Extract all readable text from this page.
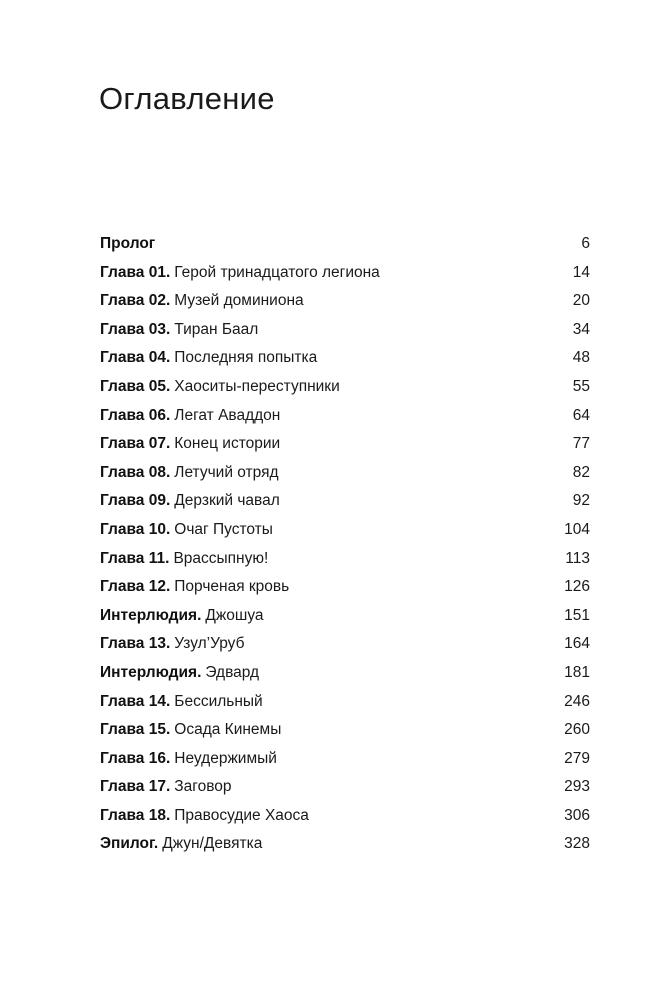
Оглавление
Пролог	6
Глава 01. Герой тринадцатого легиона	14
Глава 02. Музей доминиона	20
Глава 03. Тиран Баал	34
Глава 04. Последняя попытка	48
Глава 05. Хаоситы-переступники	55
Глава 06. Легат Аваддон	64
Глава 07. Конец истории	77
Глава 08. Летучий отряд	82
Глава 09. Дерзкий чавал	92
Глава 10. Очаг Пустоты	104
Глава 11. Врассыпную!	113
Глава 12. Порченая кровь	126
Интерлюдия. Джошуа	151
Глава 13. Узул’Уруб	164
Интерлюдия. Эдвард	181
Глава 14. Бессильный	246
Глава 15. Осада Кинемы	260
Глава 16. Неудержимый	279
Глава 17. Заговор	293
Глава 18. Правосудие Хаоса	306
Эпилог. Джун/Девятка	328
